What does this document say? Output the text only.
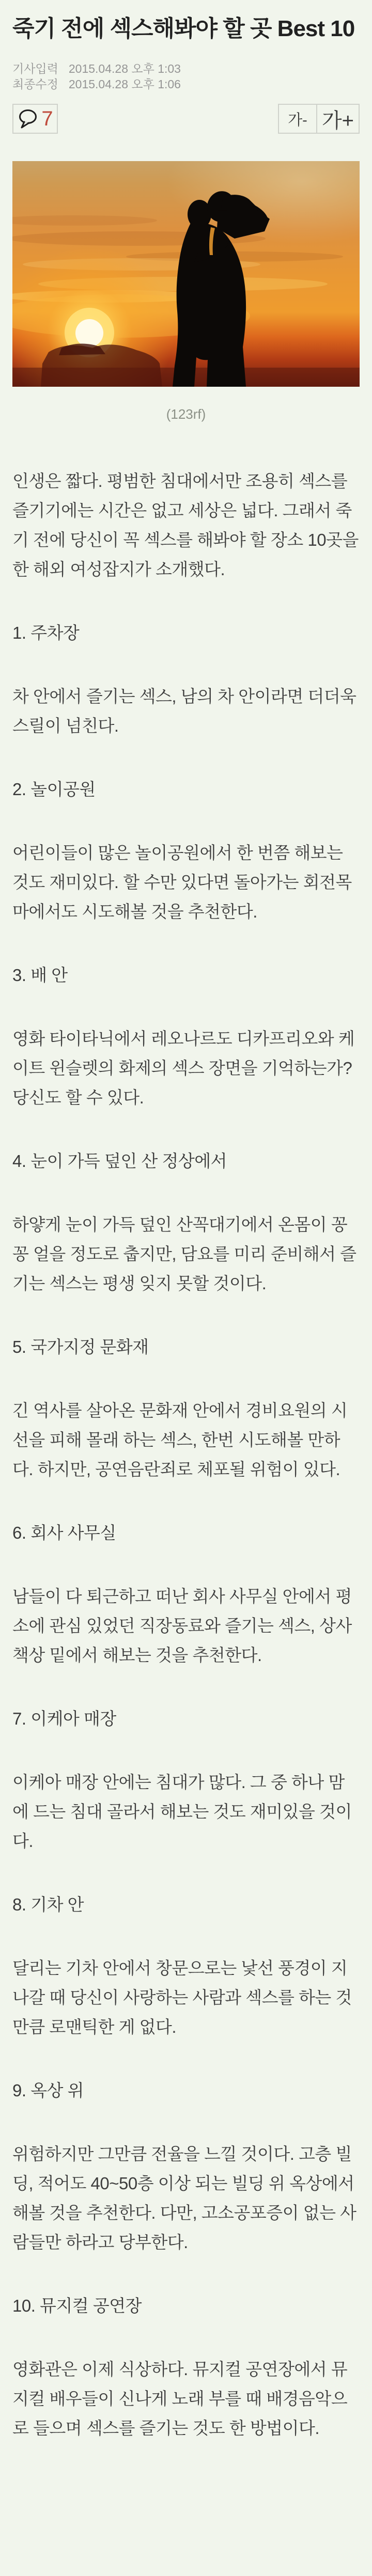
죽기 전에 섹스해봐야 할 곳 Best 10
기사입력 2015.04.28 오후 1:03
최종수정 2015.04.28 오후 1:06
7	가- 가+
(123rf)

인생은 짧다. 평범한 침대에서만 조용히 섹스를 즐기기에는 시간은 없고 세상은 넓다. 그래서 죽기 전에 당신이 꼭 섹스를 해봐야 할 장소 10곳을 한 해외 여성잡지가 소개했다.

1. 주차장

차 안에서 즐기는 섹스, 남의 차 안이라면 더더욱 스릴이 넘친다.

2. 놀이공원

어린이들이 많은 놀이공원에서 한 번쯤 해보는 것도 재미있다. 할 수만 있다면 돌아가는 회전목마에서도 시도해볼 것을 추천한다.

3. 배 안

영화 타이타닉에서 레오나르도 디카프리오와 케이트 윈슬렛의 화제의 섹스 장면을 기억하는가? 당신도 할 수 있다.

4. 눈이 가득 덮인 산 정상에서

하얗게 눈이 가득 덮인 산꼭대기에서 온몸이 꽁꽁 얼을 정도로 춥지만, 담요를 미리 준비해서 즐기는 섹스는 평생 잊지 못할 것이다.

5. 국가지정 문화재

긴 역사를 살아온 문화재 안에서 경비요원의 시선을 피해 몰래 하는 섹스, 한번 시도해볼 만하다. 하지만, 공연음란죄로 체포될 위험이 있다.

6. 회사 사무실

남들이 다 퇴근하고 떠난 회사 사무실 안에서 평소에 관심 있었던 직장동료와 즐기는 섹스, 상사 책상 밑에서 해보는 것을 추천한다.

7. 이케아 매장

이케아 매장 안에는 침대가 많다. 그 중 하나 맘에 드는 침대 골라서 해보는 것도 재미있을 것이다.

8. 기차 안

달리는 기차 안에서 창문으로는 낯선 풍경이 지나갈 때 당신이 사랑하는 사람과 섹스를 하는 것만큼 로맨틱한 게 없다.

9. 옥상 위

위험하지만 그만큼 전율을 느낄 것이다. 고층 빌딩, 적어도 40~50층 이상 되는 빌딩 위 옥상에서 해볼 것을 추천한다. 다만, 고소공포증이 없는 사람들만 하라고 당부한다.

10. 뮤지컬 공연장

영화관은 이제 식상하다. 뮤지컬 공연장에서 뮤지컬 배우들이 신나게 노래 부를 때 배경음악으로 들으며 섹스를 즐기는 것도 한 방법이다.
